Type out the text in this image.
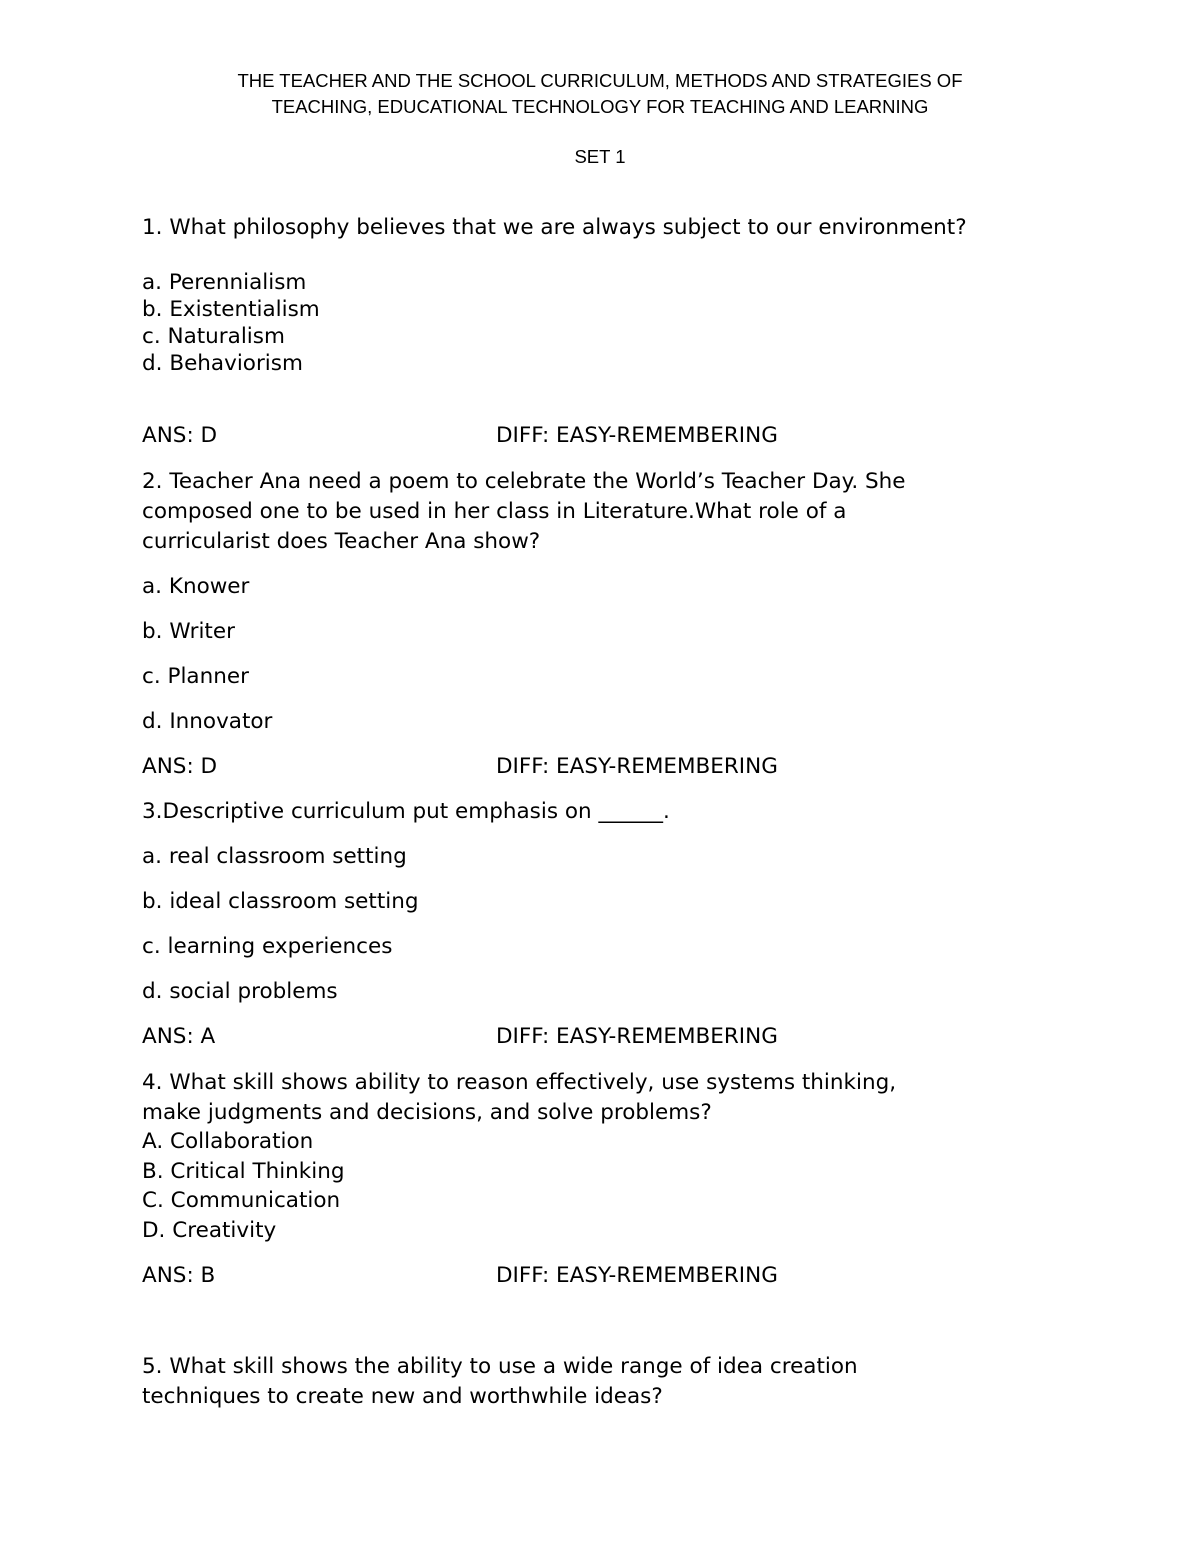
THE TEACHER AND THE SCHOOL CURRICULUM, METHODS AND STRATEGIES OF
TEACHING, EDUCATIONAL TECHNOLOGY FOR TEACHING AND LEARNING
SET 1
1. What philosophy believes that we are always subject to our environment?
a. Perennialism
b. Existentialism
c. Naturalism
d. Behaviorism
ANS: D	DIFF: EASY-REMEMBERING
2. Teacher Ana need a poem to celebrate the World’s Teacher Day. She
composed one to be used in her class in Literature.What role of a
curricularist does Teacher Ana show?
a. Knower
b. Writer
c. Planner
d. Innovator
ANS: D	DIFF: EASY-REMEMBERING
3.Descriptive curriculum put emphasis on ______.
a. real classroom setting
b. ideal classroom setting
c. learning experiences
d. social problems
ANS: A	DIFF: EASY-REMEMBERING
4. What skill shows ability to reason effectively, use systems thinking,
make judgments and decisions, and solve problems?
A. Collaboration
B. Critical Thinking
C. Communication
D. Creativity
ANS: B	DIFF: EASY-REMEMBERING
5. What skill shows the ability to use a wide range of idea creation
techniques to create new and worthwhile ideas?
